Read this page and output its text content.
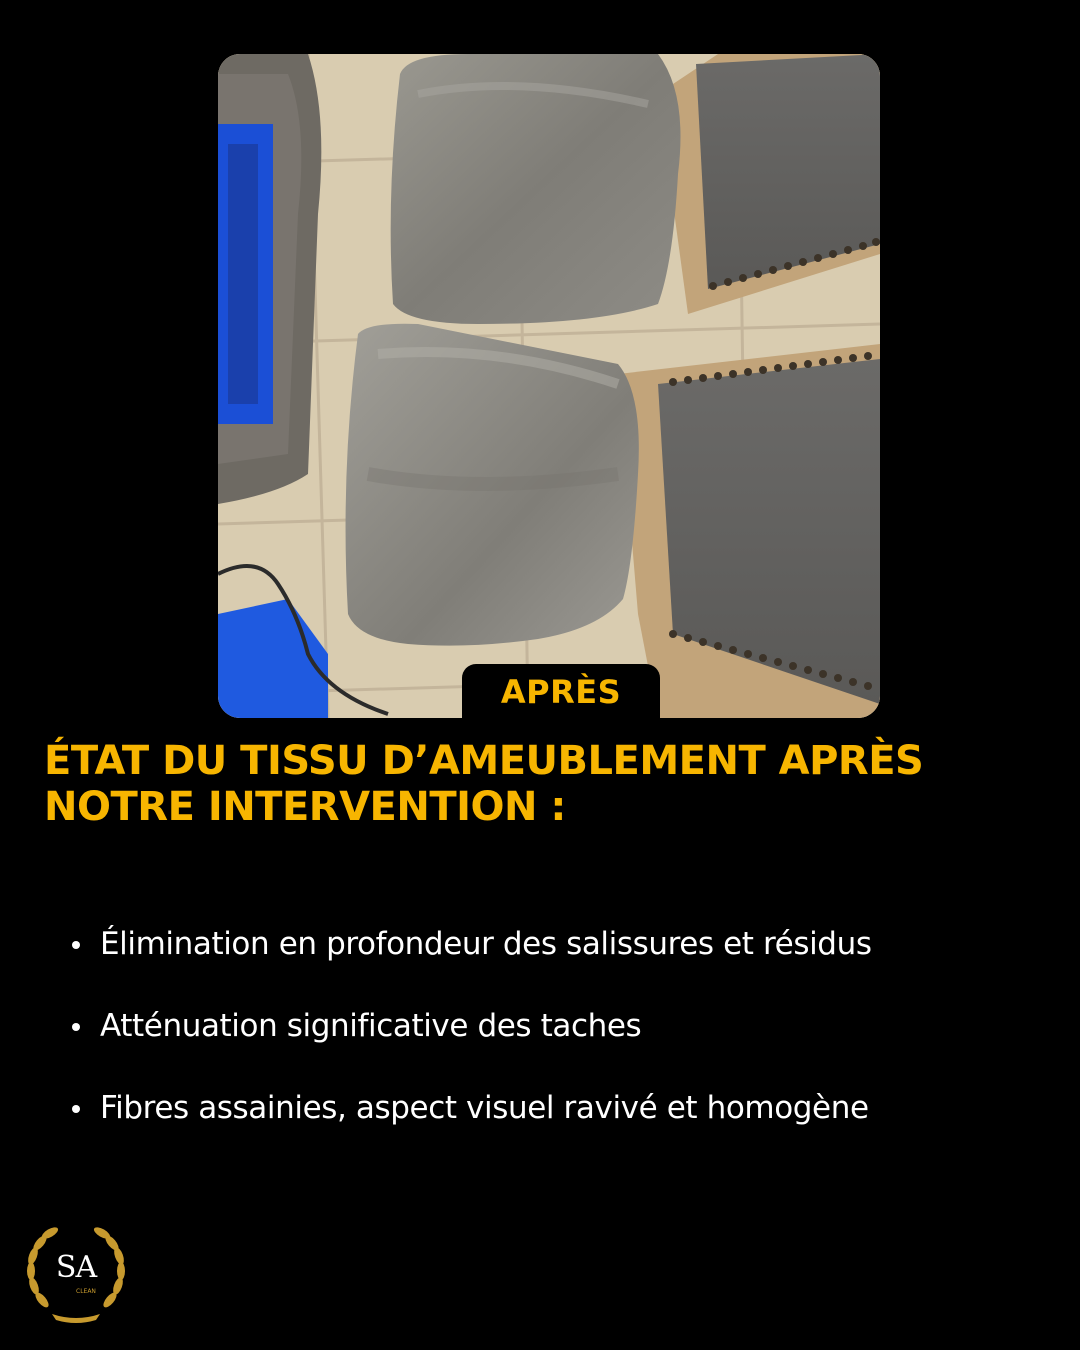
APRÈS
ÉTAT DU TISSU D’AMEUBLEMENT APRÈS
NOTRE INTERVENTION :
Élimination en profondeur des salissures et résidus
Atténuation significative des taches
Fibres assainies, aspect visuel ravivé et homogène
SA
CLEAN
